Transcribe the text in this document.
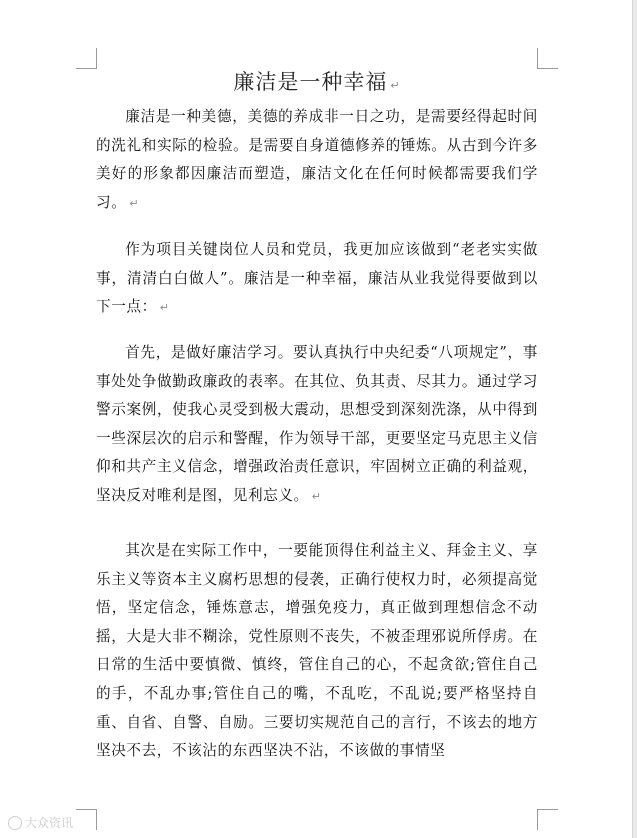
廉洁是一种幸福 ↵

廉洁是一种美德，美德的养成非一日之功，是需要经得起时间的洗礼和实际的检验。是需要自身道德修养的锤炼。从古到今许多美好的形象都因廉洁而塑造，廉洁文化在任何时候都需要我们学习。 ↵

作为项目关键岗位人员和党员，我更加应该做到“老老实实做事，清清白白做人”。廉洁是一种幸福，廉洁从业我觉得要做到以下一点： ↵

首先，是做好廉洁学习。要认真执行中央纪委“八项规定”，事事处处争做勤政廉政的表率。在其位、负其责、尽其力。通过学习警示案例，使我心灵受到极大震动，思想受到深刻洗涤，从中得到一些深层次的启示和警醒，作为领导干部，更要坚定马克思主义信仰和共产主义信念，增强政治责任意识，牢固树立正确的利益观，坚决反对唯利是图，见利忘义。 ↵

其次是在实际工作中，一要能顶得住利益主义、拜金主义、享乐主义等资本主义腐朽思想的侵袭，正确行使权力时，必须提高觉悟，坚定信念，锤炼意志，增强免疫力，真正做到理想信念不动摇，大是大非不糊涂，党性原则不丧失，不被歪理邪说所俘虏。在日常的生活中要慎微、慎终，管住自己的心，不起贪欲;管住自己的手，不乱办事;管住自己的嘴，不乱吃，不乱说;要严格坚持自重、自省、自警、自励。三要切实规范自己的言行，不该去的地方坚决不去，不该沾的东西坚决不沾，不该做的事情坚

大众资讯
